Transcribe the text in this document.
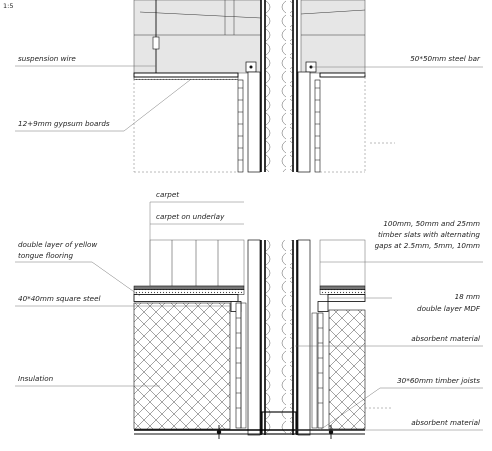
1:5
suspension wire
12+9mm gypsum boards
double layer of yellow
tongue flooring
40*40mm square steel
Insulation
carpet
carpet on underlay
50*50mm steel bar
100mm, 50mm and 25mm
timber slats with alternating
gaps at 2.5mm, 5mm, 10mm
18 mm
double layer MDF
absorbent material
30*60mm timber joists
absorbent material
